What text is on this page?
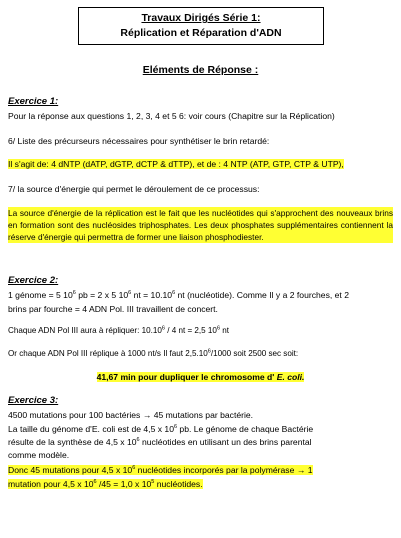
Travaux Dirigés Série 1:
Réplication et Réparation d'ADN
Eléments de Réponse :
Exercice 1:
Pour la réponse aux questions 1, 2, 3, 4 et 5 6: voir cours (Chapitre sur la Réplication)
6/ Liste des précurseurs nécessaires pour synthétiser le brin retardé:
Il s'agit de: 4 dNTP (dATP, dGTP, dCTP & dTTP), et de : 4 NTP (ATP, GTP, CTP & UTP),
7/ la source d'énergie qui permet le déroulement de ce processus:
La source d'énergie de la réplication est le fait que les nucléotides qui s'approchent des nouveaux brins en formation sont des nucléosides triphosphates. Les deux phosphates supplémentaires contiennent la réserve d'énergie qui permettra de former une liaison phosphodiester.
Exercice 2:
1 génome = 5 $10^6$ pb = 2 x 5 $10^6$ nt = $10.10^6$ nt (nucléotide). Comme Il y a 2 fourches, et 2
brins par fourche = 4 ADN Pol. III travaillent de concert.
Chaque ADN Pol III aura à répliquer: 10.10$^6$ / 4 nt = 2,5 $10^6$ nt
Or chaque ADN Pol III réplique à 1000 nt/s Il faut 2,5.10$^6$/1000 soit 2500 sec soit:
41,67 min pour dupliquer le chromosome d' E. coli.
Exercice 3:
4500 mutations pour 100 bactéries → 45 mutations par bactérie.
La taille du génome d'E. coli est de 4,5 x $10^6$ pb. Le génome de chaque Bactérie
résulte de la synthèse de 4,5 x $10^6$ nucléotides en utilisant un des brins parental
comme modèle.
Donc 45 mutations pour 4,5 x $10^6$ nucléotides incorporés par la polymérase → 1
mutation pour 4,5 x $10^6$ /45 = 1,0 x $10^5$ nucléotides.
